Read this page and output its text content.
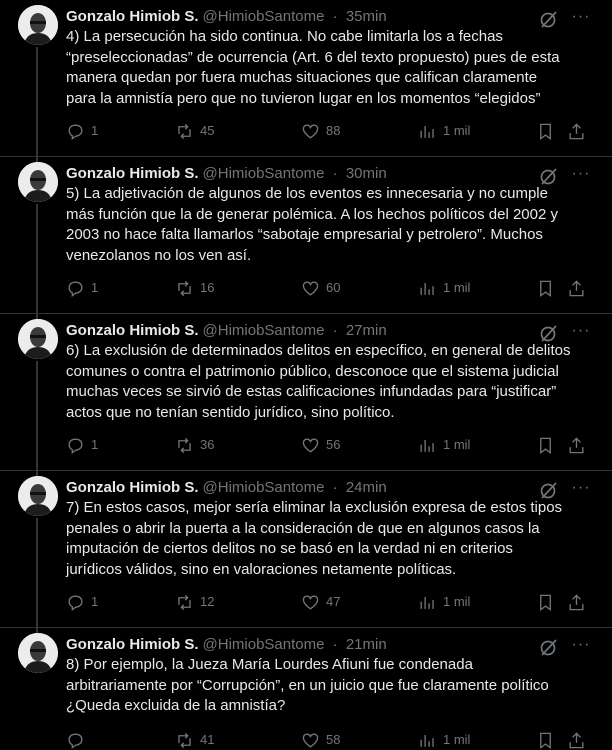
Gonzalo Himiob S. @HimiobSantome · 35min	···
4) La persecución ha sido continua. No cabe limitarla los a fechas
“preseleccionadas” de ocurrencia (Art. 6 del texto propuesto) pues de esta
manera quedan por fuera muchas situaciones que califican claramente
para la amnistía pero que no tuvieron lugar en los momentos “elegidos”
1	45	88	1 mil
Gonzalo Himiob S. @HimiobSantome · 30min	···
5) La adjetivación de algunos de los eventos es innecesaria y no cumple
más función que la de generar polémica. A los hechos políticos del 2002 y
2003 no hace falta llamarlos “sabotaje empresarial y petrolero”. Muchos
venezolanos no los ven así.
1	16	60	1 mil
Gonzalo Himiob S. @HimiobSantome · 27min	···
6) La exclusión de determinados delitos en específico, en general de delitos
comunes o contra el patrimonio público, desconoce que el sistema judicial
muchas veces se sirvió de estas calificaciones infundadas para “justificar”
actos que no tenían sentido jurídico, sino político.
1	36	56	1 mil
Gonzalo Himiob S. @HimiobSantome · 24min	···
7) En estos casos, mejor sería eliminar la exclusión expresa de estos tipos
penales o abrir la puerta a la consideración de que en algunos casos la
imputación de ciertos delitos no se basó en la verdad ni en criterios
jurídicos válidos, sino en valoraciones netamente políticas.
1	12	47	1 mil
Gonzalo Himiob S. @HimiobSantome · 21min	···
8) Por ejemplo, la Jueza María Lourdes Afiuni fue condenada
arbitrariamente por “Corrupción”, en un juicio que fue claramente político
¿Queda excluida de la amnistía?
41	58	1 mil
